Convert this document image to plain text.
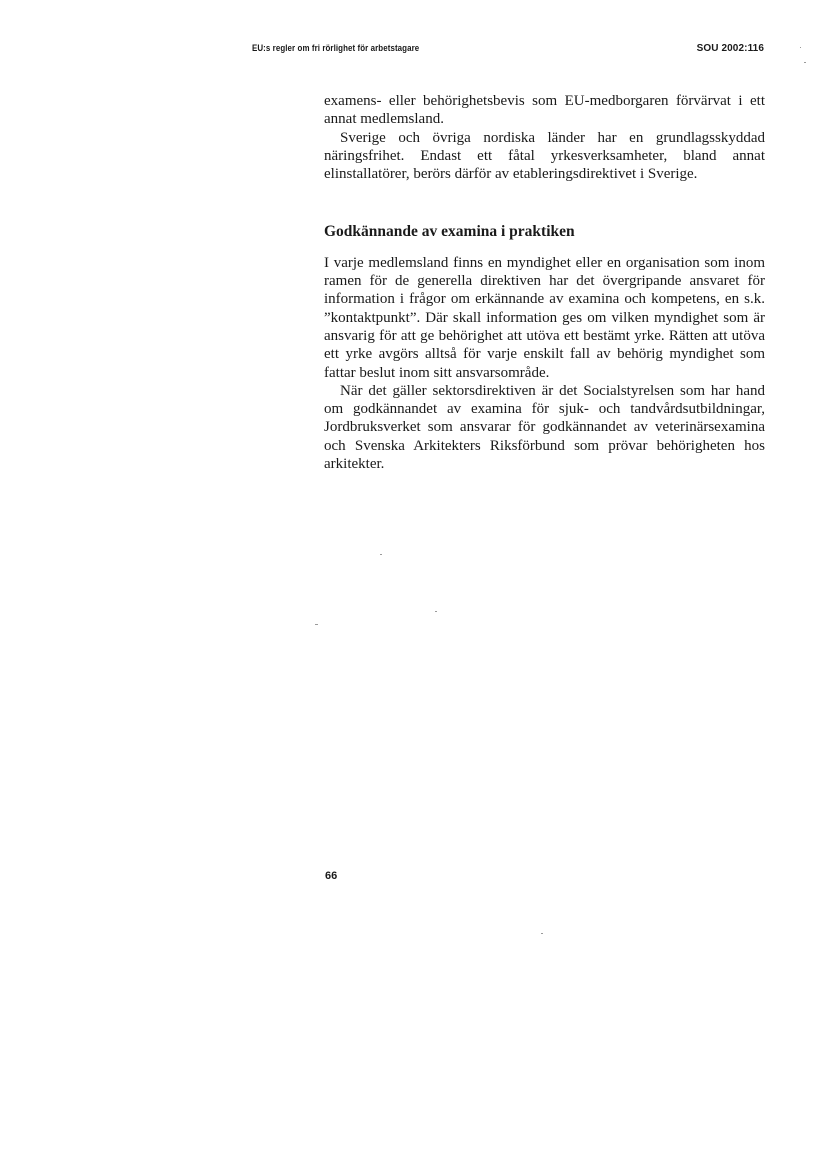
EU:s regler om fri rörlighet för arbetstagare	SOU 2002:116

examens- eller behörighetsbevis som EU-medborgaren förvärvat i ett annat medlemsland.

Sverige och övriga nordiska länder har en grundlagsskyddad näringsfrihet. Endast ett fåtal yrkesverksamheter, bland annat elinstallatörer, berörs därför av etableringsdirektivet i Sverige.

Godkännande av examina i praktiken

I varje medlemsland finns en myndighet eller en organisation som inom ramen för de generella direktiven har det övergripande ansvaret för information i frågor om erkännande av examina och kompetens, en s.k. ”kontaktpunkt”. Där skall information ges om vilken myndighet som är ansvarig för att ge behörighet att utöva ett bestämt yrke. Rätten att utöva ett yrke avgörs alltså för varje enskilt fall av behörig myndighet som fattar beslut inom sitt ansvarsområde.

När det gäller sektorsdirektiven är det Socialstyrelsen som har hand om godkännandet av examina för sjuk- och tandvårdsutbildningar, Jordbruksverket som ansvarar för godkännandet av veterinärsexamina och Svenska Arkitekters Riksförbund som prövar behörigheten hos arkitekter.

66
